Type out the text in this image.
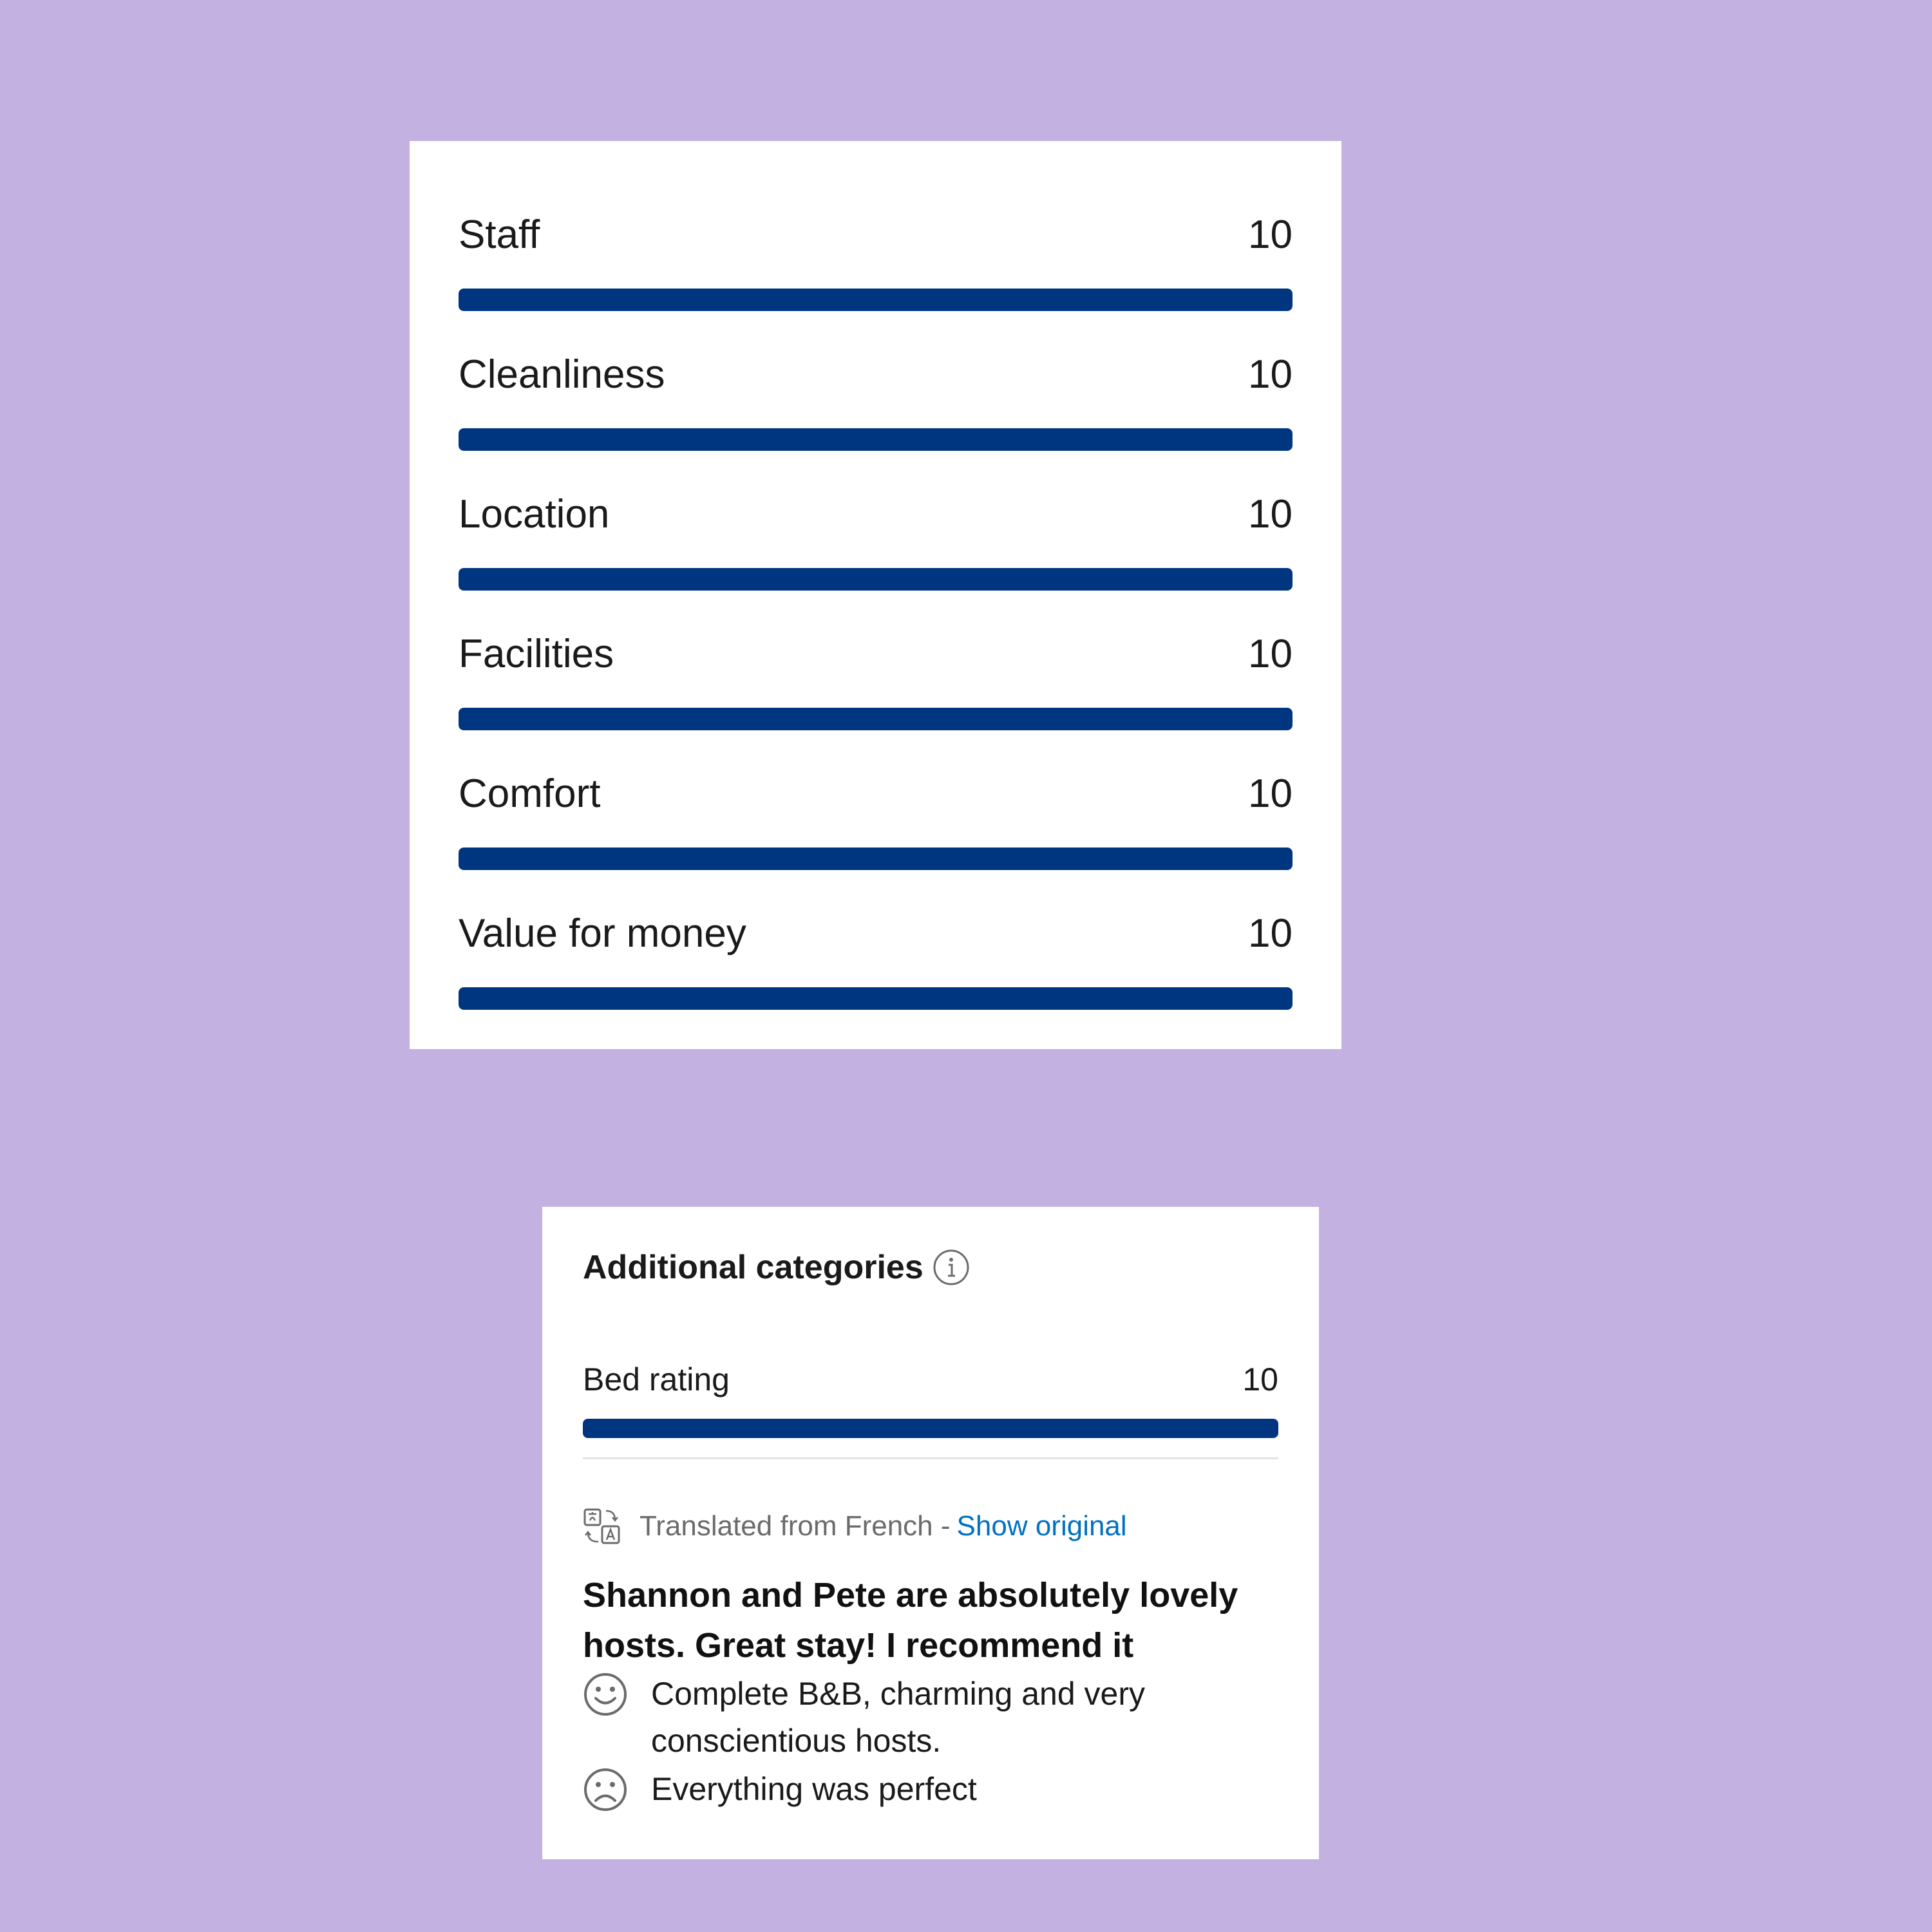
Staff	10
Cleanliness	10
Location	10
Facilities	10
Comfort	10
Value for money	10
Additional categories
Bed rating	10
Translated from French - Show original
Shannon and Pete are absolutely lovely hosts. Great stay! I recommend it
Complete B&B, charming and very conscientious hosts.
Everything was perfect
